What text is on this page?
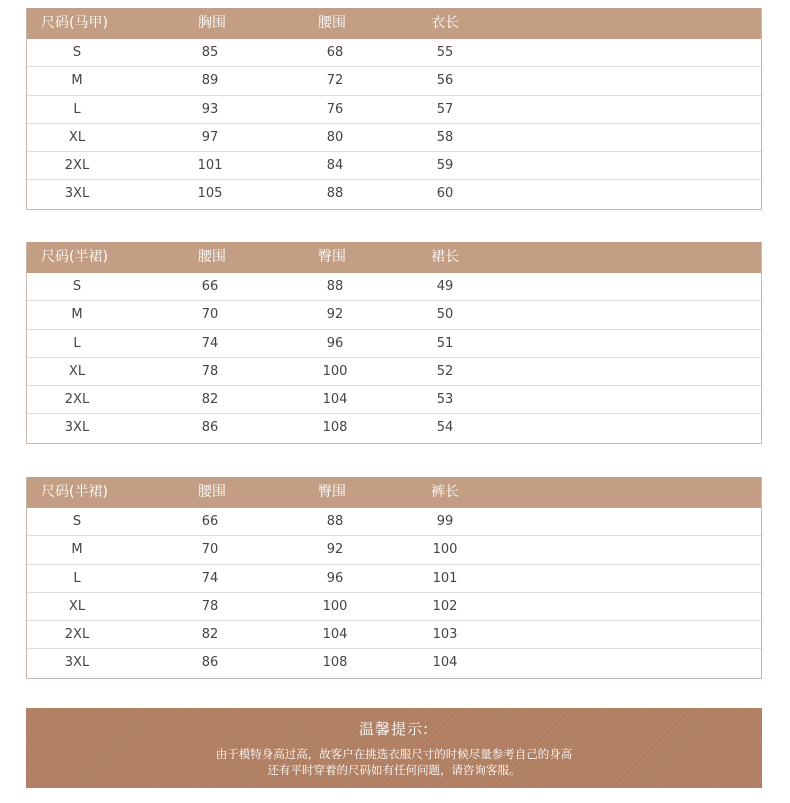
尺码(马甲)	胸围	腰围	衣长
S	85	68	55
M	89	72	56
L	93	76	57
XL	97	80	58
2XL	101	84	59
3XL	105	88	60
尺码(半裙)	腰围	臀围	裙长
S	66	88	49
M	70	92	50
L	74	96	51
XL	78	100	52
2XL	82	104	53
3XL	86	108	54
尺码(半裙)	腰围	臀围	裤长
S	66	88	99
M	70	92	100
L	74	96	101
XL	78	100	102
2XL	82	104	103
3XL	86	108	104
温馨提示:
由于模特身高过高，故客户在挑选衣服尺寸的时候尽量参考自己的身高
还有平时穿着的尺码如有任何问题，请咨询客服。
